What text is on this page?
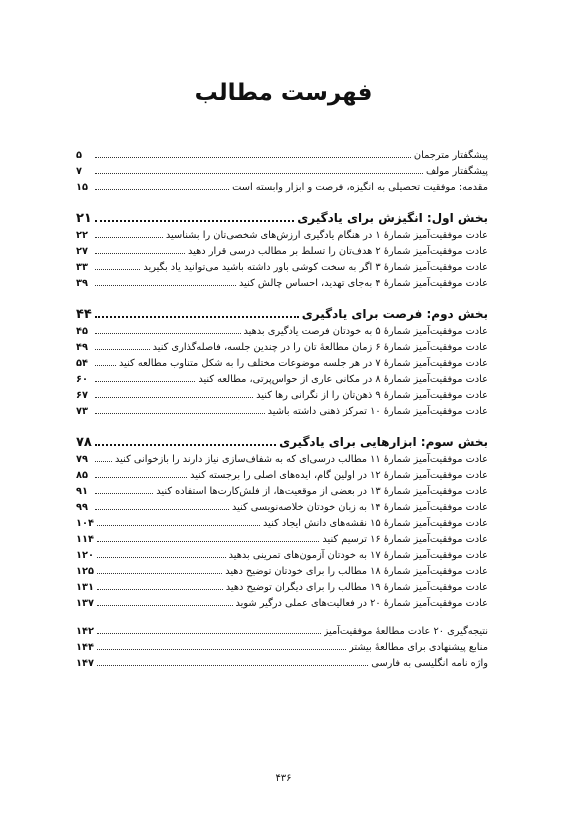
فهرست مطالب
پیشگفتار مترجمان
۵
پیشگفتار مولف
۷
مقدمه: موفقیت تحصیلی به انگیزه، فرصت و ابزار وابسته است
۱۵
بخش اول: انگیزش برای یادگیری
۲۱
عادت موفقیت‌آمیز شمارهٔ ۱ در هنگام یادگیری ارزش‌های شخصی‌تان را بشناسید
۲۲
عادت موفقیت‌آمیز شمارهٔ ۲ هدف‌تان را تسلط بر مطالب درسی قرار دهید
۲۷
عادت موفقیت‌آمیز شمارهٔ ۳ اگر به سخت کوشی باور داشته باشید می‌توانید یاد بگیرید
۳۳
عادت موفقیت‌آمیز شمارهٔ ۴ به‌جای تهدید، احساس چالش کنید
۳۹
بخش دوم: فرصت برای یادگیری
۴۴
عادت موفقیت‌آمیز شمارهٔ ۵ به خودتان فرصت یادگیری بدهید
۴۵
عادت موفقیت‌آمیز شمارهٔ ۶ زمان مطالعهٔ تان را در چندین جلسه، فاصله‌گذاری کنید
۴۹
عادت موفقیت‌آمیز شمارهٔ ۷ در هر جلسه موضوعات مختلف را به شکل متناوب مطالعه کنید
۵۴
عادت موفقیت‌آمیز شمارهٔ ۸ در مکانی عاری از حواس‌پرتی، مطالعه کنید
۶۰
عادت موفقیت‌آمیز شمارهٔ ۹ ذهن‌تان را از نگرانی رها کنید
۶۷
عادت موفقیت‌آمیز شمارهٔ ۱۰ تمرکز ذهنی داشته باشید
۷۳
بخش سوم: ابزارهایی برای یادگیری
۷۸
عادت موفقیت‌آمیز شمارهٔ ۱۱ مطالب درسی‌ای که به شفاف‌سازی نیاز دارند را بازخوانی کنید
۷۹
عادت موفقیت‌آمیز شمارهٔ ۱۲ در اولین گام، ایده‌های اصلی را برجسته کنید
۸۵
عادت موفقیت‌آمیز شمارهٔ ۱۳ در بعضی از موقعیت‌ها، از فلش‌کارت‌ها استفاده کنید
۹۱
عادت موفقیت‌آمیز شمارهٔ ۱۴ به زبان خودتان خلاصه‌نویسی کنید
۹۹
عادت موفقیت‌آمیز شمارهٔ ۱۵ نقشه‌های دانش ایجاد کنید
۱۰۴
عادت موفقیت‌آمیز شمارهٔ ۱۶ ترسیم کنید
۱۱۴
عادت موفقیت‌آمیز شمارهٔ ۱۷ به خودتان آزمون‌های تمرینی بدهید
۱۲۰
عادت موفقیت‌آمیز شمارهٔ ۱۸ مطالب را برای خودتان توضیح دهید
۱۲۵
عادت موفقیت‌آمیز شمارهٔ ۱۹ مطالب را برای دیگران توضیح دهید
۱۳۱
عادت موفقیت‌آمیز شمارهٔ ۲۰ در فعالیت‌های عملی درگیر شوید
۱۳۷
نتیجه‌گیری ۲۰ عادت مطالعهٔ موفقیت‌آمیز
۱۴۲
منابع پیشنهادی برای مطالعهٔ بیشتر
۱۴۴
واژه نامه انگلیسی به فارسی
۱۴۷
۴۳۶
